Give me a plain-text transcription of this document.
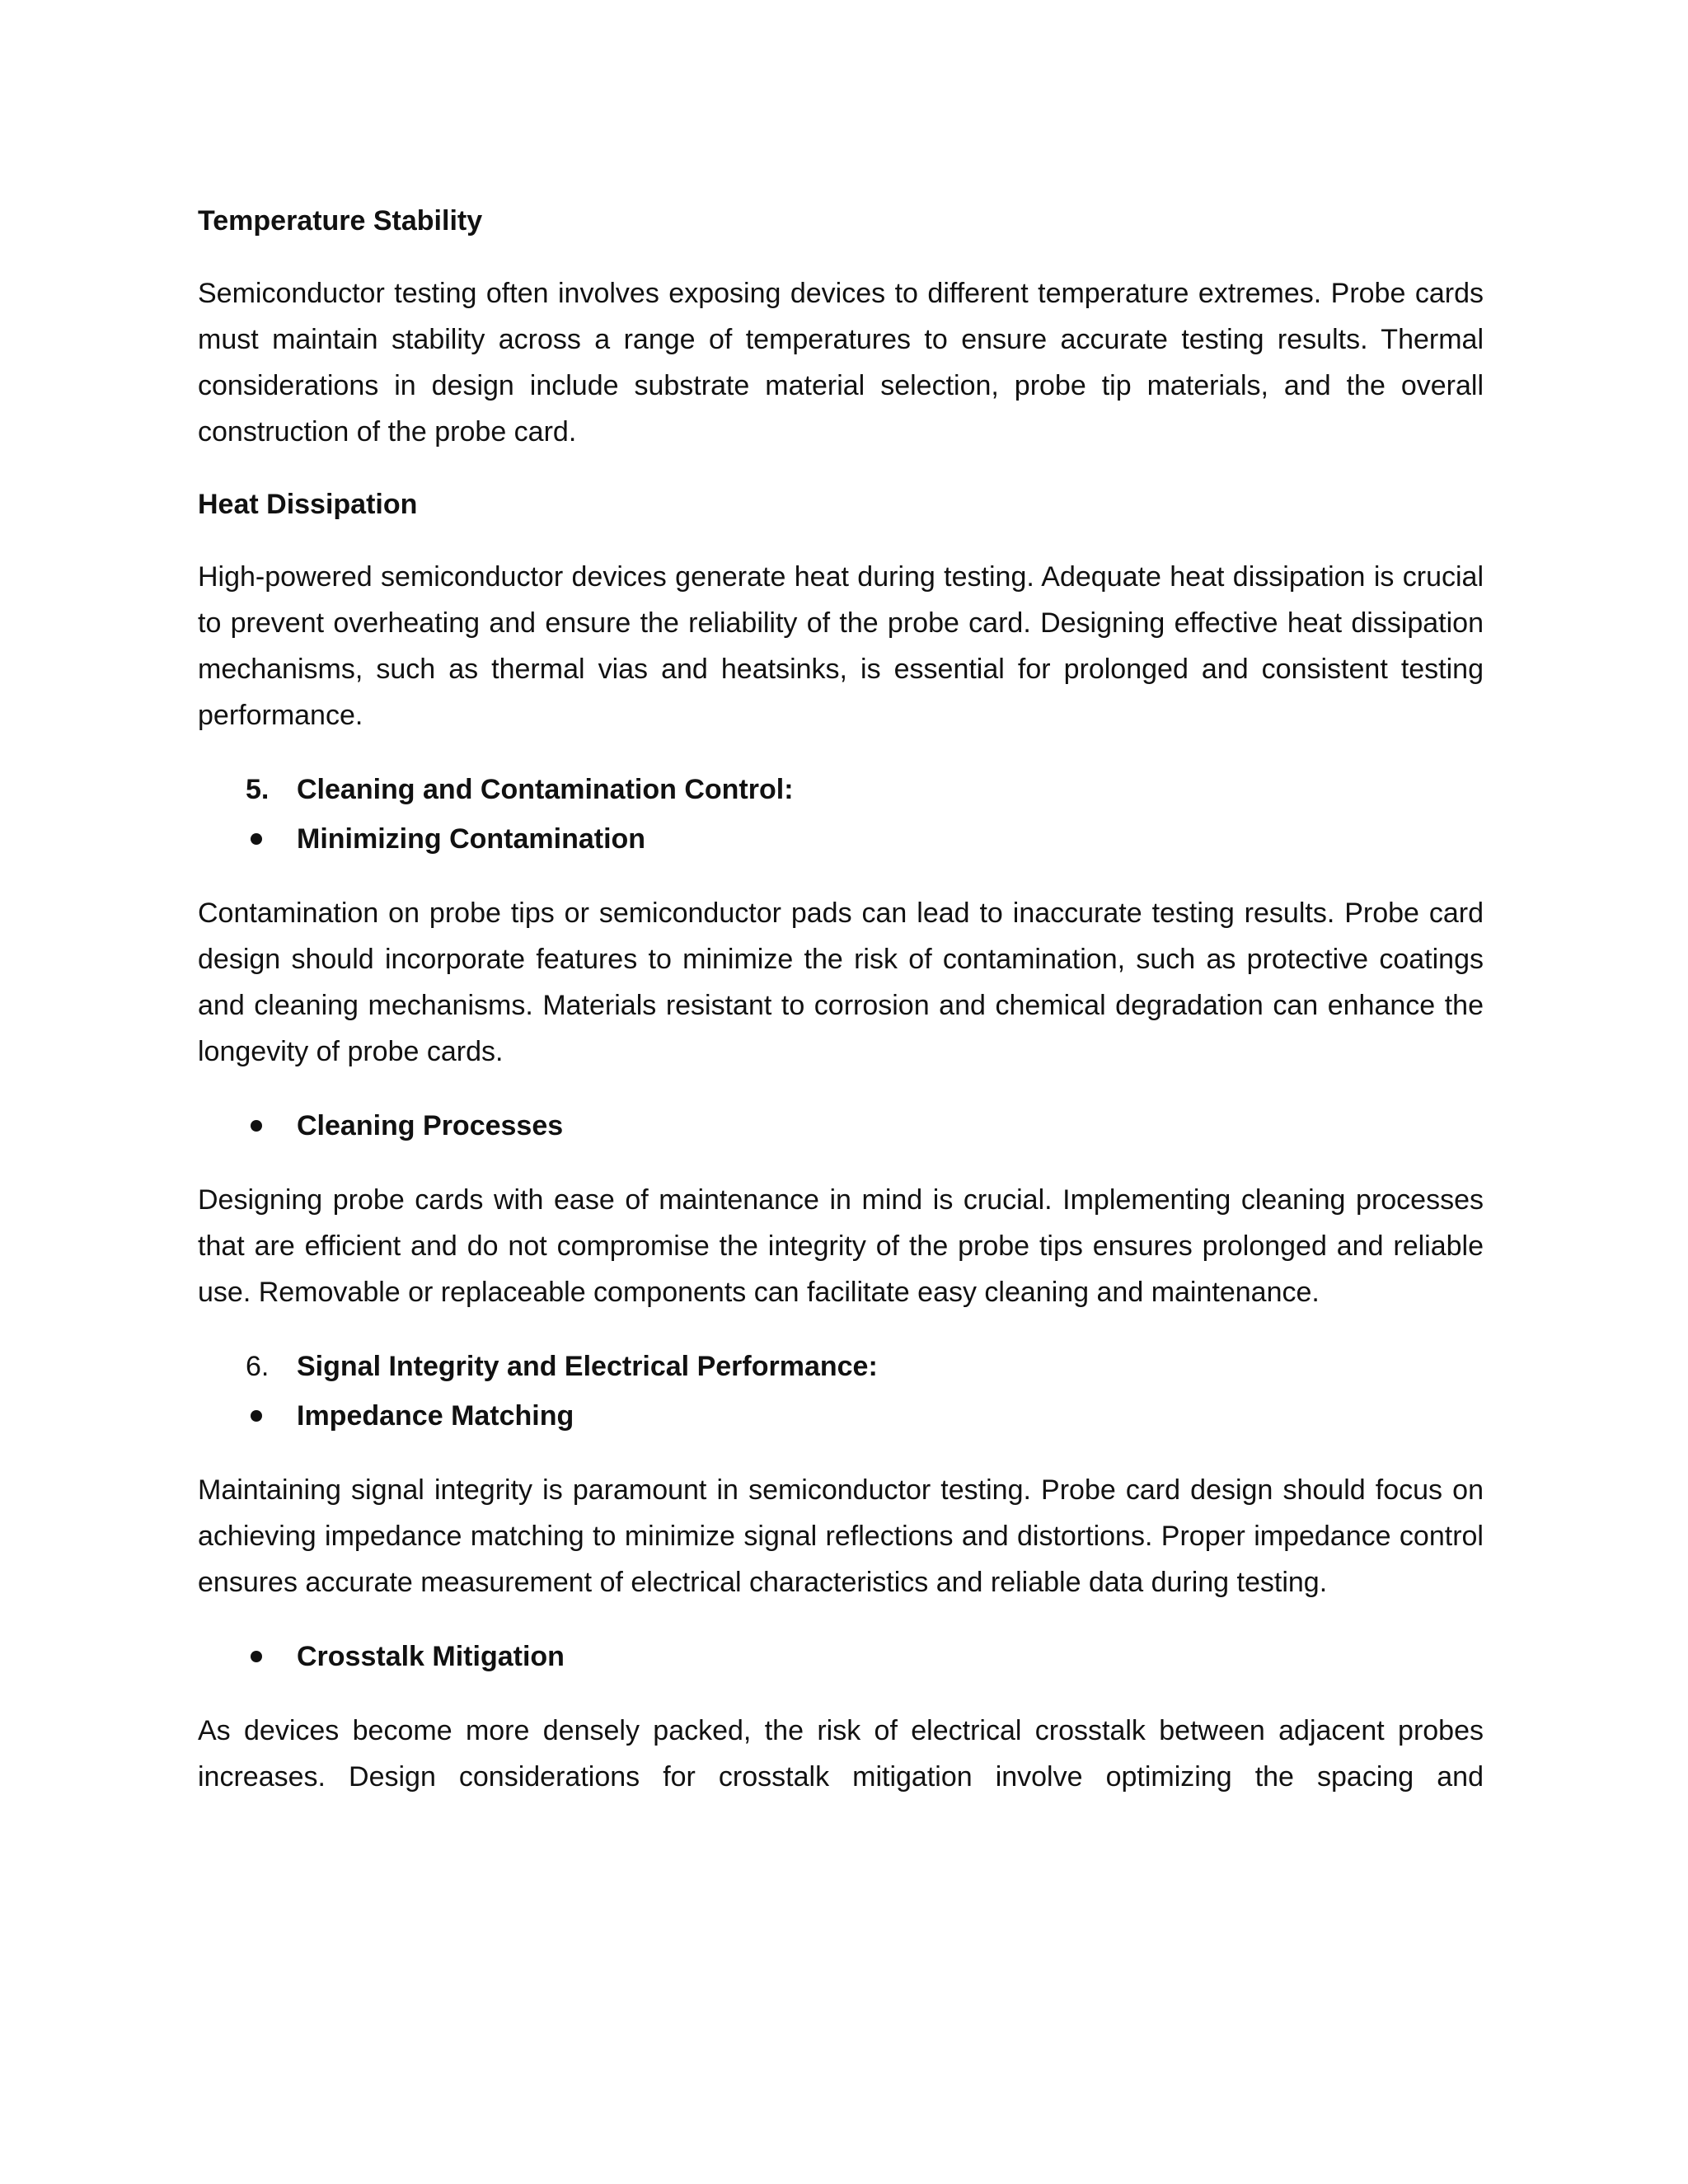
Temperature Stability
Semiconductor testing often involves exposing devices to different temperature extremes. Probe cards must maintain stability across a range of temperatures to ensure accurate testing results. Thermal considerations in design include substrate material selection, probe tip materials, and the overall construction of the probe card.
Heat Dissipation
High-powered semiconductor devices generate heat during testing. Adequate heat dissipation is crucial to prevent overheating and ensure the reliability of the probe card. Designing effective heat dissipation mechanisms, such as thermal vias and heatsinks, is essential for prolonged and consistent testing performance.
5. Cleaning and Contamination Control:
Minimizing Contamination
Contamination on probe tips or semiconductor pads can lead to inaccurate testing results. Probe card design should incorporate features to minimize the risk of contamination, such as protective coatings and cleaning mechanisms. Materials resistant to corrosion and chemical degradation can enhance the longevity of probe cards.
Cleaning Processes
Designing probe cards with ease of maintenance in mind is crucial. Implementing cleaning processes that are efficient and do not compromise the integrity of the probe tips ensures prolonged and reliable use. Removable or replaceable components can facilitate easy cleaning and maintenance.
6. Signal Integrity and Electrical Performance:
Impedance Matching
Maintaining signal integrity is paramount in semiconductor testing. Probe card design should focus on achieving impedance matching to minimize signal reflections and distortions. Proper impedance control ensures accurate measurement of electrical characteristics and reliable data during testing.
Crosstalk Mitigation
As devices become more densely packed, the risk of electrical crosstalk between adjacent probes increases. Design considerations for crosstalk mitigation involve optimizing the spacing and
